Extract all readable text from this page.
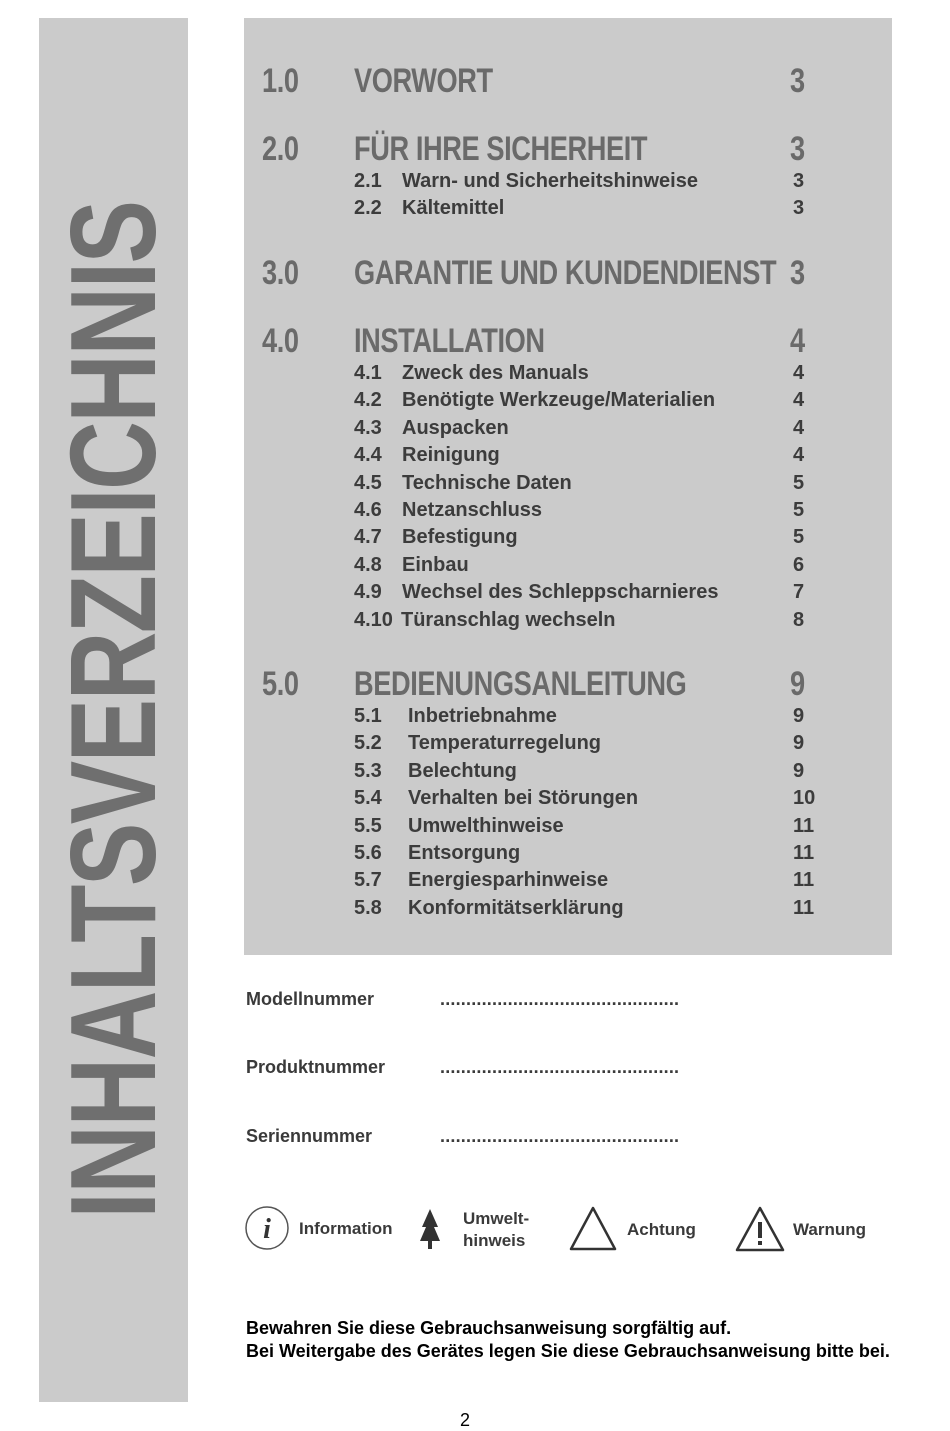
INHALTSVERZEICHNIS
1.0 VORWORT	3
2.0 FÜR IHRE SICHERHEIT	3
2.1 Warn- und Sicherheitshinweise	3
2.2 Kältemittel	3
3.0 GARANTIE UND KUNDENDIENST 3
4.0 INSTALLATION	4
4.1 Zweck des Manuals	4
4.2 Benötigte Werkzeuge/Materialien	4
4.3 Auspacken	4
4.4 Reinigung	4
4.5 Technische Daten	5
4.6 Netzanschluss	5
4.7 Befestigung	5
4.8 Einbau	6
4.9 Wechsel des Schleppscharnieres	7
4.10 Türanschlag wechseln	8
5.0 BEDIENUNGSANLEITUNG	9
5.1 Inbetriebnahme	9
5.2 Temperaturregelung	9
5.3 Belechtung	9
5.4 Verhalten bei Störungen	10
5.5 Umwelthinweise	11
5.6 Entsorgung	11
5.7 Energiesparhinweise	11
5.8 Konformitätserklärung	11
Modellnummer	..............................................
Produktnummer	..............................................
Seriennummer	..............................................
i Information
Umwelt-
hinweis
Achtung	Warnung
Bewahren Sie diese Gebrauchsanweisung sorgfältig auf.
Bei Weitergabe des Gerätes legen Sie diese Gebrauchsanweisung bitte bei.
2
